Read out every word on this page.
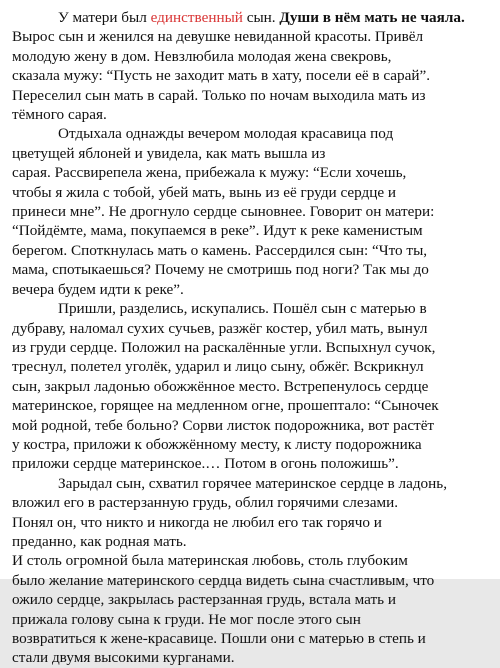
У матери был единственный сын. Души в нём мать не чаяла.
Вырос сын и женился на девушке невиданной красоты. Привёл
молодую жену в дом. Невзлюбила молодая жена свекровь,
сказала мужу: “Пусть не заходит мать в хату, посели её в сарай”.
Переселил сын мать в сарай. Только по ночам выходила мать из
тёмного сарая.
Отдыхала однажды вечером молодая красавица под
цветущей яблоней и увидела, как мать вышла из
сарая. Рассвирепела жена, прибежала к мужу: “Если хочешь,
чтобы я жила с тобой, убей мать, вынь из её груди сердце и
принеси мне”. Не дрогнуло сердце сыновнее. Говорит он матери:
“Пойдёмте, мама, покупаемся в реке”. Идут к реке каменистым
берегом. Споткнулась мать о камень. Рассердился сын: “Что ты,
мама, спотыкаешься? Почему не смотришь под ноги? Так мы до
вечера будем идти к реке”.
Пришли, разделись, искупались. Пошёл сын с матерью в
дубраву, наломал сухих сучьев, разжёг костер, убил мать, вынул
из груди сердце. Положил на раскалённые угли. Вспыхнул сучок,
треснул, полетел уголёк, ударил и лицо сыну, обжёг. Вскрикнул
сын, закрыл ладонью обожжённое место. Встрепенулось сердце
материнское, горящее на медленном огне, прошептало: “Сыночек
мой родной, тебе больно? Сорви листок подорожника, вот растёт
у костра, приложи к обожжённому месту, к листу подорожника
приложи сердце материнское.… Потом в огонь положишь”.
Зарыдал сын, схватил горячее материнское сердце в ладонь,
вложил его в растерзанную грудь, облил горячими слезами.
Понял он, что никто и никогда не любил его так горячо и
преданно, как родная мать.
И столь огромной была материнская любовь, столь глубоким
было желание материнского сердца видеть сына счастливым, что
ожило сердце, закрылась растерзанная грудь, встала мать и
прижала голову сына к груди. Не мог после этого сын
возвратиться к жене-красавице. Пошли они с матерью в степь и
стали двумя высокими курганами.
